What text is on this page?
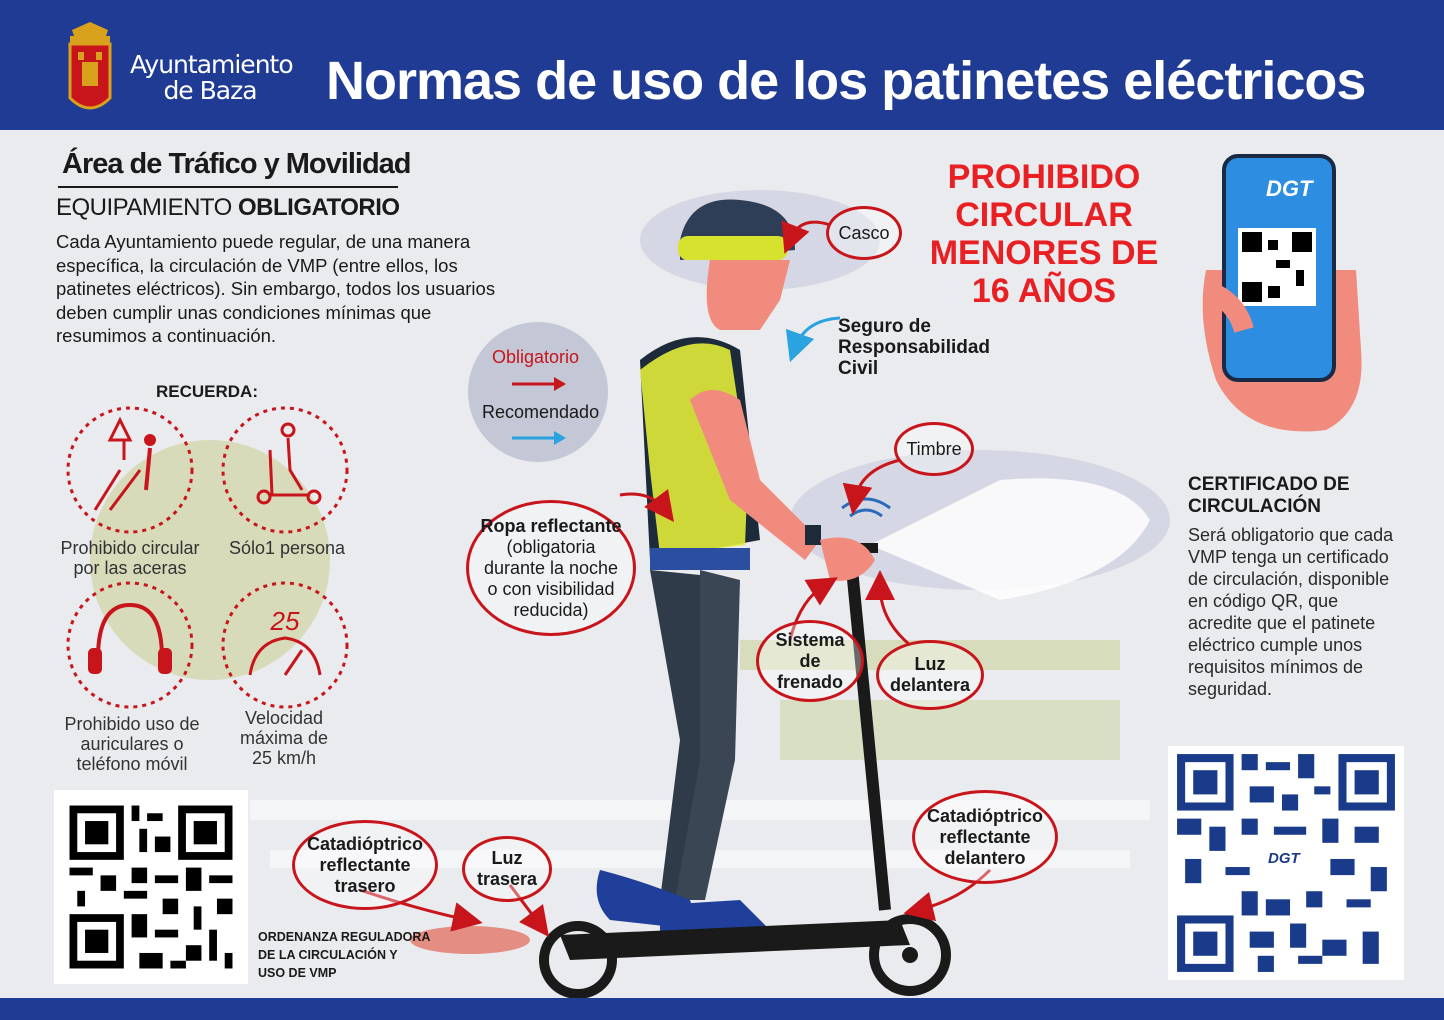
Ayuntamiento
de Baza	Normas de uso de los patinetes eléctricos
Área de Tráfico y Movilidad
EQUIPAMIENTO OBLIGATORIO
Cada Ayuntamiento puede regular, de una manera específica, la circulación de VMP (entre ellos, los patinetes eléctricos). Sin embargo, todos los usuarios deben cumplir unas condiciones mínimas que resumimos a continuación.
RECUERDA:
25
Prohibido circular
por las aceras
Sólo1 persona
Prohibido uso de
auriculares o
teléfono móvil
Velocidad
máxima de
25 km/h
ORDENANZA REGULADORA
DE LA CIRCULACIÓN Y
USO DE VMP
Obligatorio
Recomendado
PROHIBIDO
CIRCULAR
MENORES DE
16 AÑOS
Casco
Seguro de
Responsabilidad
Civil
Timbre
Ropa reflectante
(obligatoria
durante la noche
o con visibilidad
reducida)
Sistema
de
frenado
Luz
delantera
Catadióptrico
reflectante
trasero
Luz
trasera
Catadióptrico
reflectante
delantero
DGT
CERTIFICADO DE
CIRCULACIÓN
Será obligatorio que cada VMP tenga un certificado de circulación, disponible en código QR, que acredite que el patinete eléctrico cumple unos requisitos mínimos de seguridad.
DGT
